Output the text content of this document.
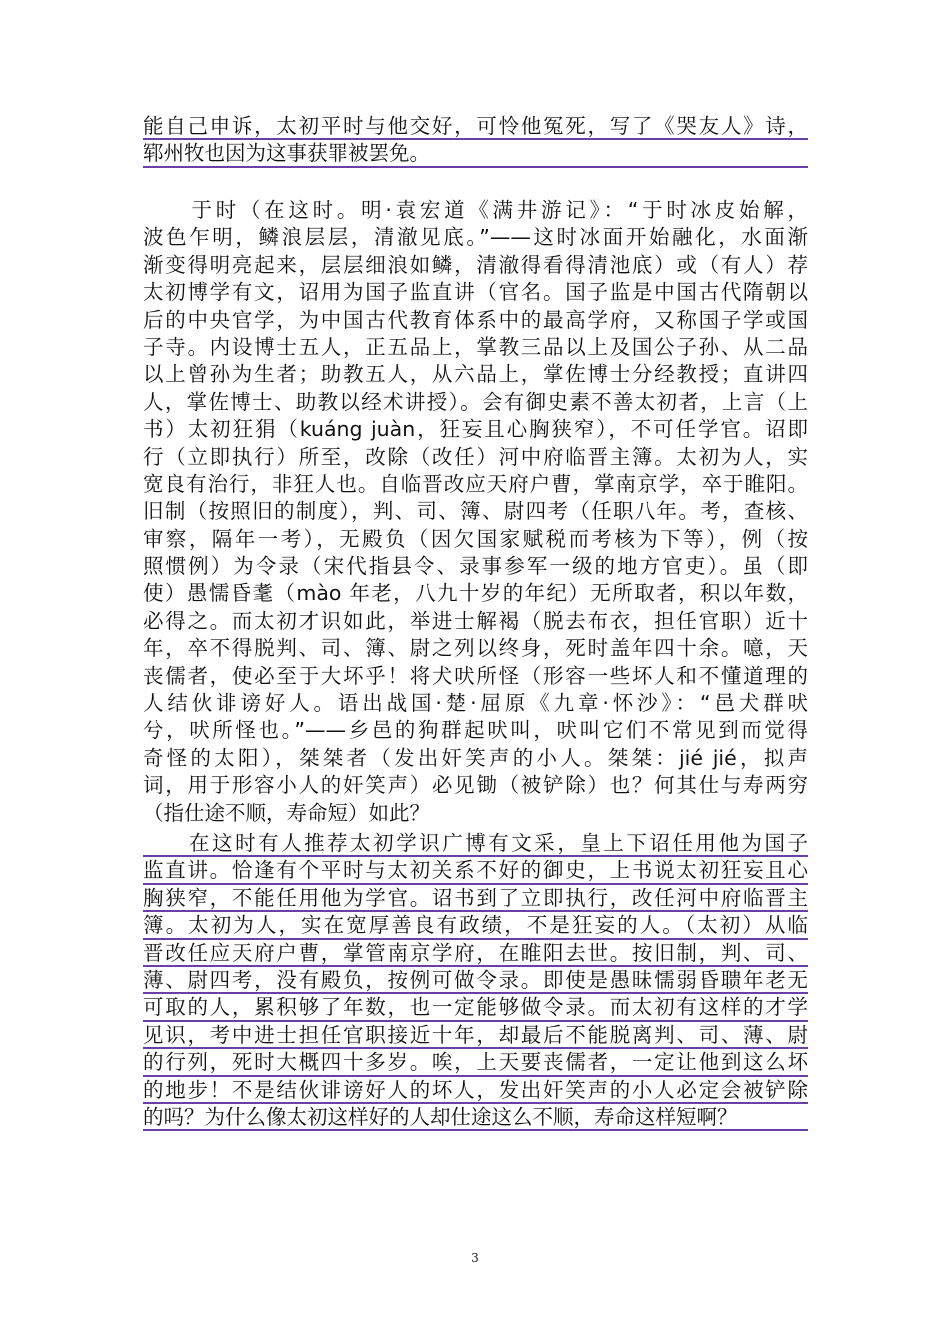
能自己申诉，太初平时与他交好，可怜他冤死，写了《哭友人》诗，
郓州牧也因为这事获罪被罢免。
　　于时（在这时。明·袁宏道《满井游记》：“于时冰皮始解，
波色乍明，鳞浪层层，清澈见底。”——这时冰面开始融化，水面渐
渐变得明亮起来，层层细浪如鳞，清澈得看得清池底）或（有人）荐
太初博学有文，诏用为国子监直讲（官名。国子监是中国古代隋朝以
后的中央官学，为中国古代教育体系中的最高学府，又称国子学或国
子寺。内设博士五人，正五品上，掌教三品以上及国公子孙、从二品
以上曾孙为生者；助教五人，从六品上，掌佐博士分经教授；直讲四
人，掌佐博士、助教以经术讲授）。会有御史素不善太初者，上言（上
书）太初狂狷（kuáng juàn，狂妄且心胸狭窄），不可任学官。诏即
行（立即执行）所至，改除（改任）河中府临晋主簿。太初为人，实
宽良有治行，非狂人也。自临晋改应天府户曹，掌南京学，卒于睢阳。
旧制（按照旧的制度），判、司、簿、尉四考（任职八年。考，查核、
审察，隔年一考），无殿负（因欠国家赋税而考核为下等），例（按
照惯例）为令录（宋代指县令、录事参军一级的地方官吏）。虽（即
使）愚懦昏耄（mào 年老，八九十岁的年纪）无所取者，积以年数，
必得之。而太初才识如此，举进士解褐（脱去布衣，担任官职）近十
年，卒不得脱判、司、簿、尉之列以终身，死时盖年四十余。噫，天
丧儒者，使必至于大坏乎！将犬吠所怪（形容一些坏人和不懂道理的
人结伙诽谤好人。语出战国·楚·屈原《九章·怀沙》：“邑犬群吠
兮，吠所怪也。”——乡邑的狗群起吠叫，吠叫它们不常见到而觉得
奇怪的太阳），桀桀者（发出奸笑声的小人。桀桀：jié jié，拟声
词，用于形容小人的奸笑声）必见锄（被铲除）也？何其仕与寿两穷
（指仕途不顺，寿命短）如此？
　　在这时有人推荐太初学识广博有文采，皇上下诏任用他为国子
监直讲。恰逢有个平时与太初关系不好的御史，上书说太初狂妄且心
胸狭窄，不能任用他为学官。诏书到了立即执行，改任河中府临晋主
簿。太初为人，实在宽厚善良有政绩，不是狂妄的人。（太初）从临
晋改任应天府户曹，掌管南京学府，在睢阳去世。按旧制，判、司、
薄、尉四考，没有殿负，按例可做令录。即使是愚昧懦弱昏聩年老无
可取的人，累积够了年数，也一定能够做令录。而太初有这样的才学
见识，考中进士担任官职接近十年，却最后不能脱离判、司、薄、尉
的行列，死时大概四十多岁。唉，上天要丧儒者，一定让他到这么坏
的地步！不是结伙诽谤好人的坏人，发出奸笑声的小人必定会被铲除
的吗？为什么像太初这样好的人却仕途这么不顺，寿命这样短啊？
3
